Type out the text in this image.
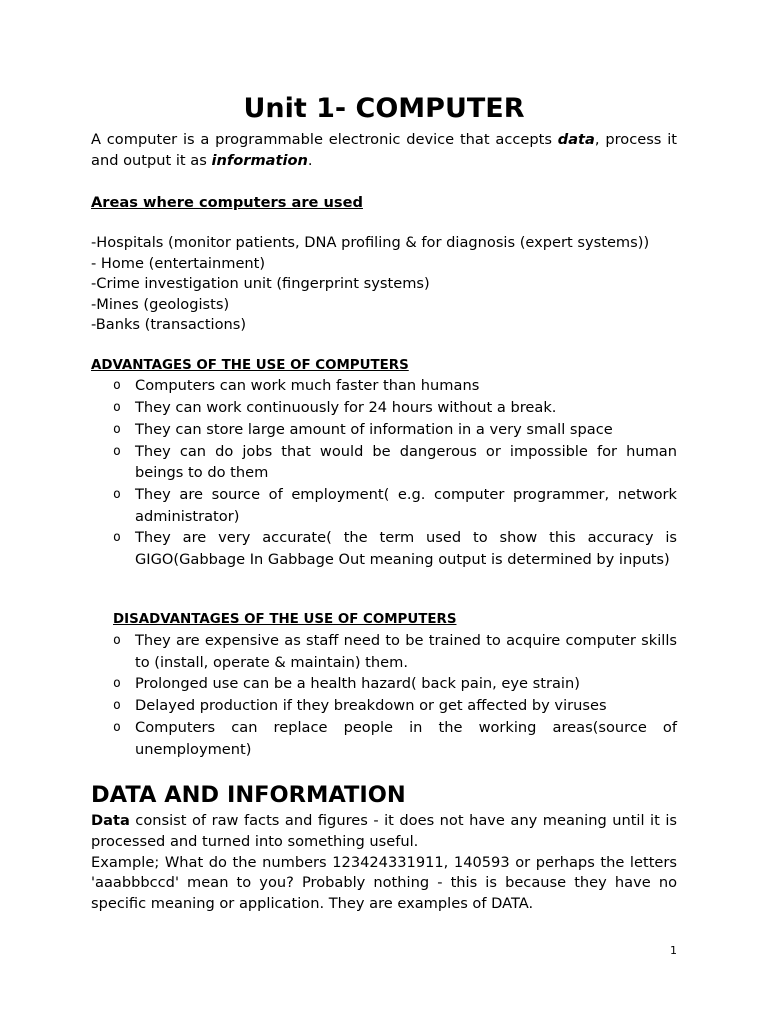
Unit 1- COMPUTER

A computer is a programmable electronic device that accepts data, process it and output it as information.

Areas where computers are used
-Hospitals (monitor patients, DNA profiling & for diagnosis (expert systems))
- Home (entertainment)
-Crime investigation unit (fingerprint systems)
-Mines (geologists)
-Banks (transactions)
ADVANTAGES OF THE USE OF COMPUTERS
o Computers can work much faster than humans
o They can work continuously for 24 hours without a break.
o They can store large amount of information in a very small space
o They can do jobs that would be dangerous or impossible for human beings to do them
o They are source of employment( e.g. computer programmer, network administrator)
o They are very accurate( the term used to show this accuracy is GIGO(Gabbage In Gabbage Out meaning output is determined by inputs)
DISADVANTAGES OF THE USE OF COMPUTERS
o They are expensive as staff need to be trained to acquire computer skills to (install, operate & maintain) them.
o Prolonged use can be a health hazard( back pain, eye strain)
o Delayed production if they breakdown or get affected by viruses
o Computers can replace people in the working areas(source of unemployment)
DATA AND INFORMATION

Data consist of raw facts and figures - it does not have any meaning until it is processed and turned into something useful.
Example; What do the numbers 123424331911, 140593 or perhaps the letters 'aaabbbccd' mean to you? Probably nothing - this is because they have no specific meaning or application. They are examples of DATA.

1
